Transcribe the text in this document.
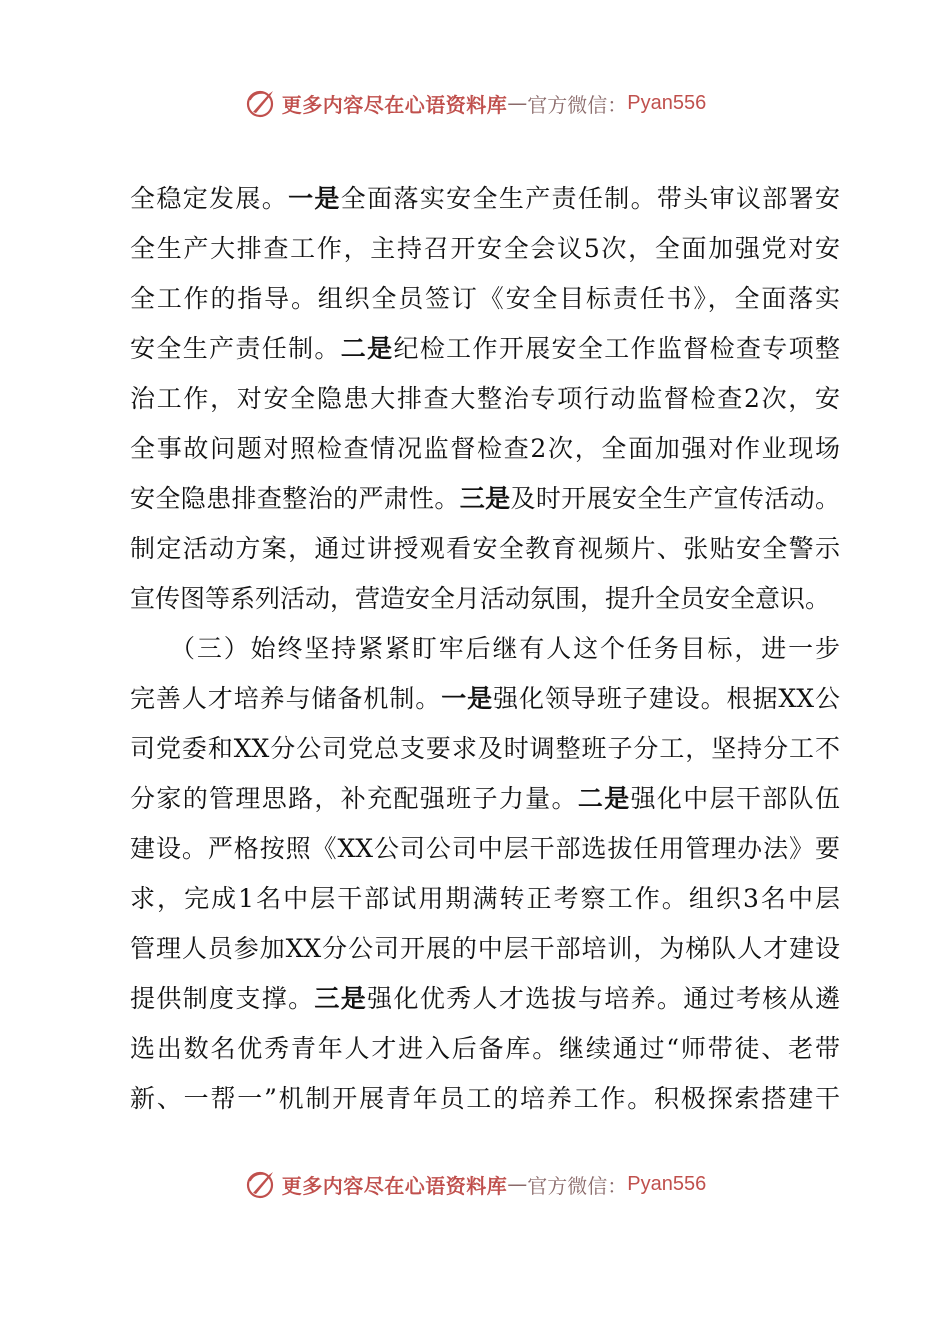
更多内容尽在心语资料库 — 官方微信： Pyan556
全稳定发展。一是全面落实安全生产责任制。带头审议部署安
全生产大排查工作，主持召开安全会议5次，全面加强党对安
全工作的指导。组织全员签订《安全目标责任书》，全面落实
安全生产责任制。二是纪检工作开展安全工作监督检查专项整
治工作，对安全隐患大排查大整治专项行动监督检查2次，安
全事故问题对照检查情况监督检查2次，全面加强对作业现场
安全隐患排查整治的严肃性。三是及时开展安全生产宣传活动。
制定活动方案，通过讲授观看安全教育视频片、张贴安全警示
宣传图等系列活动，营造安全月活动氛围，提升全员安全意识。
（三）始终坚持紧紧盯牢后继有人这个任务目标，进一步
完善人才培养与储备机制。一是强化领导班子建设。根据XX公
司党委和XX分公司党总支要求及时调整班子分工，坚持分工不
分家的管理思路，补充配强班子力量。二是强化中层干部队伍
建设。严格按照《XX公司公司中层干部选拔任用管理办法》要
求，完成1名中层干部试用期满转正考察工作。组织3名中层
管理人员参加XX分公司开展的中层干部培训，为梯队人才建设
提供制度支撑。三是强化优秀人才选拔与培养。通过考核从遴
选出数名优秀青年人才进入后备库。继续通过“师带徒、老带
新、一帮一”机制开展青年员工的培养工作。积极探索搭建干
更多内容尽在心语资料库 — 官方微信： Pyan556
